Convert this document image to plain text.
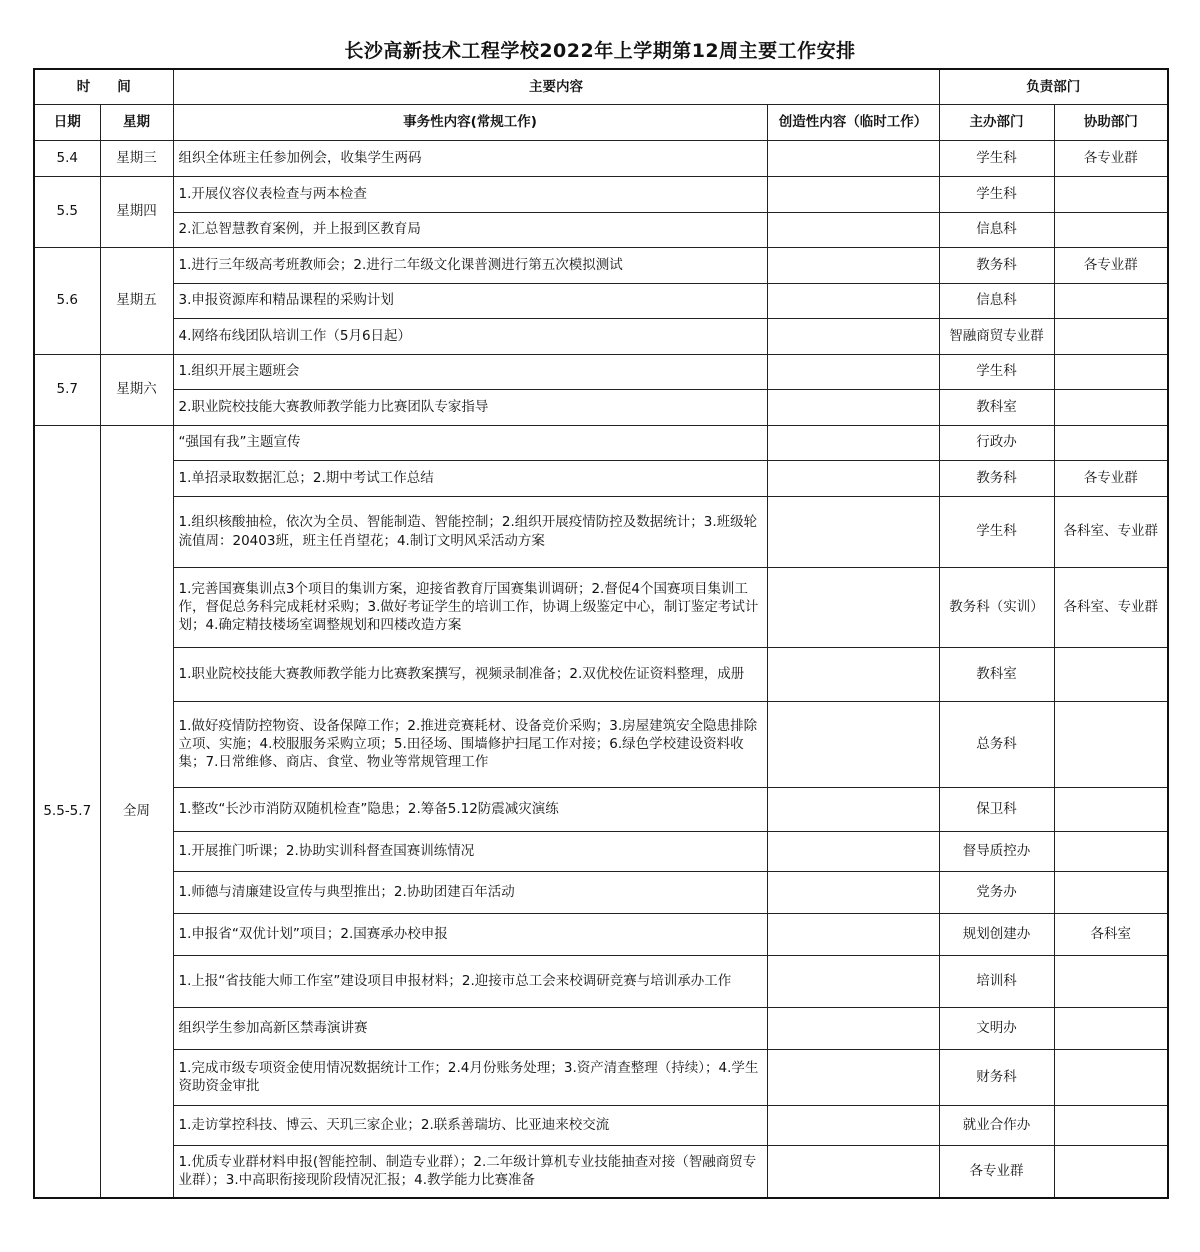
长沙高新技术工程学校2022年上学期第12周主要工作安排
时　　间		主要内容		负责部门	
日期	星期	事务性内容(常规工作)	创造性内容（临时工作）	主办部门	协助部门
5.4	星期三	组织全体班主任参加例会，收集学生两码		学生科	各专业群
5.5	星期四	1.开展仪容仪表检查与两本检查		学生科	
		2.汇总智慧教育案例，并上报到区教育局		信息科	
5.6	星期五	1.进行三年级高考班教师会；2.进行二年级文化课普测进行第五次模拟测试		教务科	各专业群
		3.申报资源库和精品课程的采购计划		信息科	
		4.网络布线团队培训工作（5月6日起）		智融商贸专业群	
5.7	星期六	1.组织开展主题班会		学生科	
		2.职业院校技能大赛教师教学能力比赛团队专家指导		教科室	
5.5-5.7	全周	“强国有我”主题宣传		行政办	
		1.单招录取数据汇总；2.期中考试工作总结		教务科	各专业群
		1.组织核酸抽检，依次为全员、智能制造、智能控制；2.组织开展疫情防控及数据统计；3.班级轮流值周：20403班，班主任肖望花；4.制订文明风采活动方案		学生科	各科室、专业群
		1.完善国赛集训点3个项目的集训方案，迎接省教育厅国赛集训调研；2.督促4个国赛项目集训工作，督促总务科完成耗材采购；3.做好考证学生的培训工作，协调上级鉴定中心，制订鉴定考试计划；4.确定精技楼场室调整规划和四楼改造方案		教务科（实训）	各科室、专业群
		1.职业院校技能大赛教师教学能力比赛教案撰写，视频录制准备；2.双优校佐证资料整理，成册		教科室	
		1.做好疫情防控物资、设备保障工作；2.推进竞赛耗材、设备竞价采购；3.房屋建筑安全隐患排除立项、实施；4.校服服务采购立项；5.田径场、围墙修护扫尾工作对接；6.绿色学校建设资料收集；7.日常维修、商店、食堂、物业等常规管理工作		总务科	
		1.整改“长沙市消防双随机检查”隐患；2.筹备5.12防震减灾演练		保卫科	
		1.开展推门听课；2.协助实训科督查国赛训练情况		督导质控办	
		1.师德与清廉建设宣传与典型推出；2.协助团建百年活动		党务办	
		1.申报省“双优计划”项目；2.国赛承办校申报		规划创建办	各科室
		1.上报“省技能大师工作室”建设项目申报材料；2.迎接市总工会来校调研竞赛与培训承办工作		培训科	
		组织学生参加高新区禁毒演讲赛		文明办	
		1.完成市级专项资金使用情况数据统计工作；2.4月份账务处理；3.资产清查整理（持续）；4.学生资助资金审批		财务科	
		1.走访掌控科技、博云、天玑三家企业；2.联系善瑞坊、比亚迪来校交流		就业合作办	
		1.优质专业群材料申报(智能控制、制造专业群）；2.二年级计算机专业技能抽查对接（智融商贸专业群）；3.中高职衔接现阶段情况汇报；4.教学能力比赛准备		各专业群	
